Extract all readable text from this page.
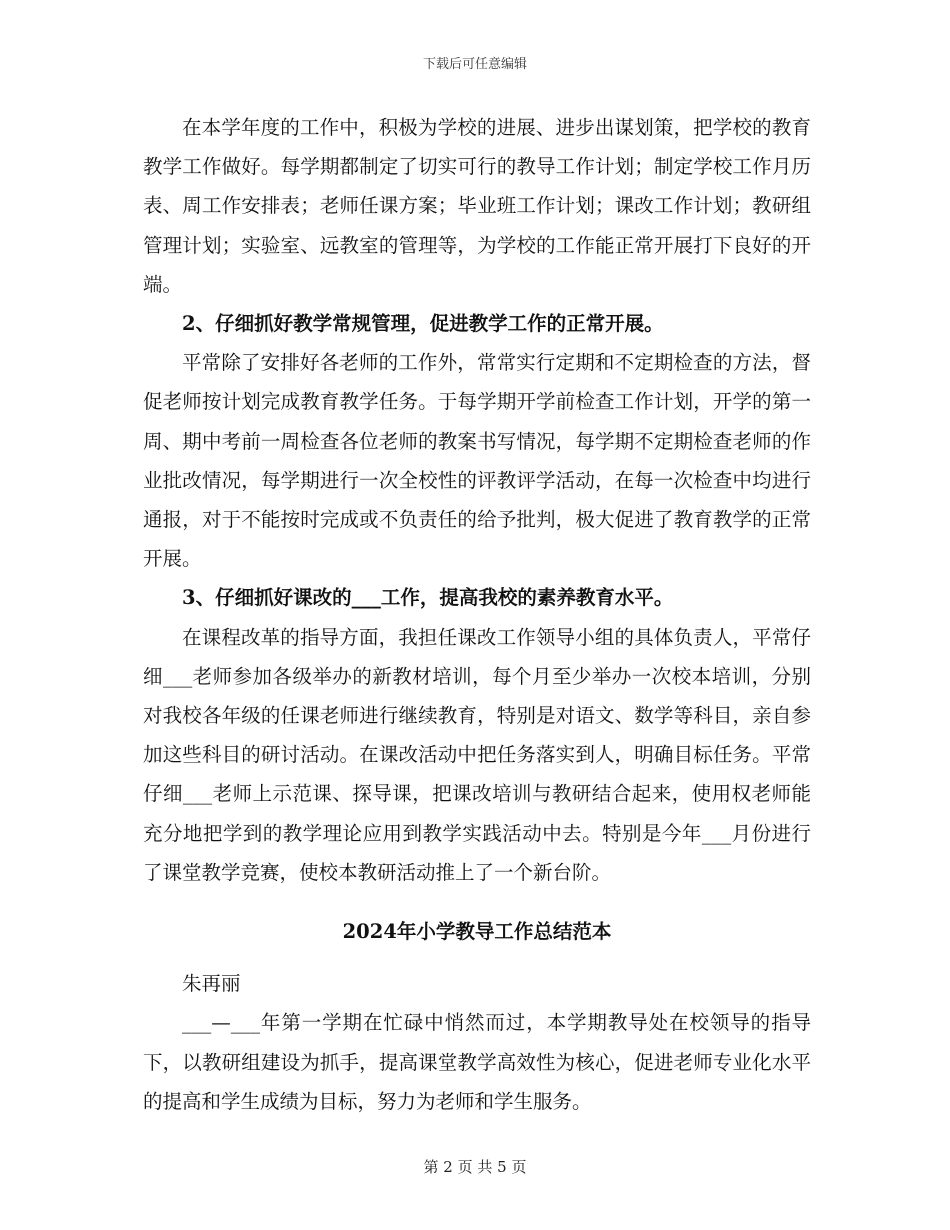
下载后可任意编辑

在本学年度的工作中，积极为学校的进展、进步出谋划策，把学校的教育教学工作做好。每学期都制定了切实可行的教导工作计划；制定学校工作月历表、周工作安排表；老师任课方案；毕业班工作计划；课改工作计划；教研组管理计划；实验室、远教室的管理等，为学校的工作能正常开展打下良好的开端。

2、仔细抓好教学常规管理，促进教学工作的正常开展。

平常除了安排好各老师的工作外，常常实行定期和不定期检查的方法，督促老师按计划完成教育教学任务。于每学期开学前检查工作计划，开学的第一周、期中考前一周检查各位老师的教案书写情况，每学期不定期检查老师的作业批改情况，每学期进行一次全校性的评教评学活动，在每一次检查中均进行通报，对于不能按时完成或不负责任的给予批判，极大促进了教育教学的正常开展。

3、仔细抓好课改的___工作，提高我校的素养教育水平。

在课程改革的指导方面，我担任课改工作领导小组的具体负责人，平常仔细___老师参加各级举办的新教材培训，每个月至少举办一次校本培训，分别对我校各年级的任课老师进行继续教育，特别是对语文、数学等科目，亲自参加这些科目的研讨活动。在课改活动中把任务落实到人，明确目标任务。平常仔细___老师上示范课、探导课，把课改培训与教研结合起来，使用权老师能充分地把学到的教学理论应用到教学实践活动中去。特别是今年___月份进行了课堂教学竞赛，使校本教研活动推上了一个新台阶。

2024年小学教导工作总结范本

朱再丽

___—___年第一学期在忙碌中悄然而过，本学期教导处在校领导的指导下，以教研组建设为抓手，提高课堂教学高效性为核心，促进老师专业化水平的提高和学生成绩为目标，努力为老师和学生服务。

第 2 页 共 5 页
